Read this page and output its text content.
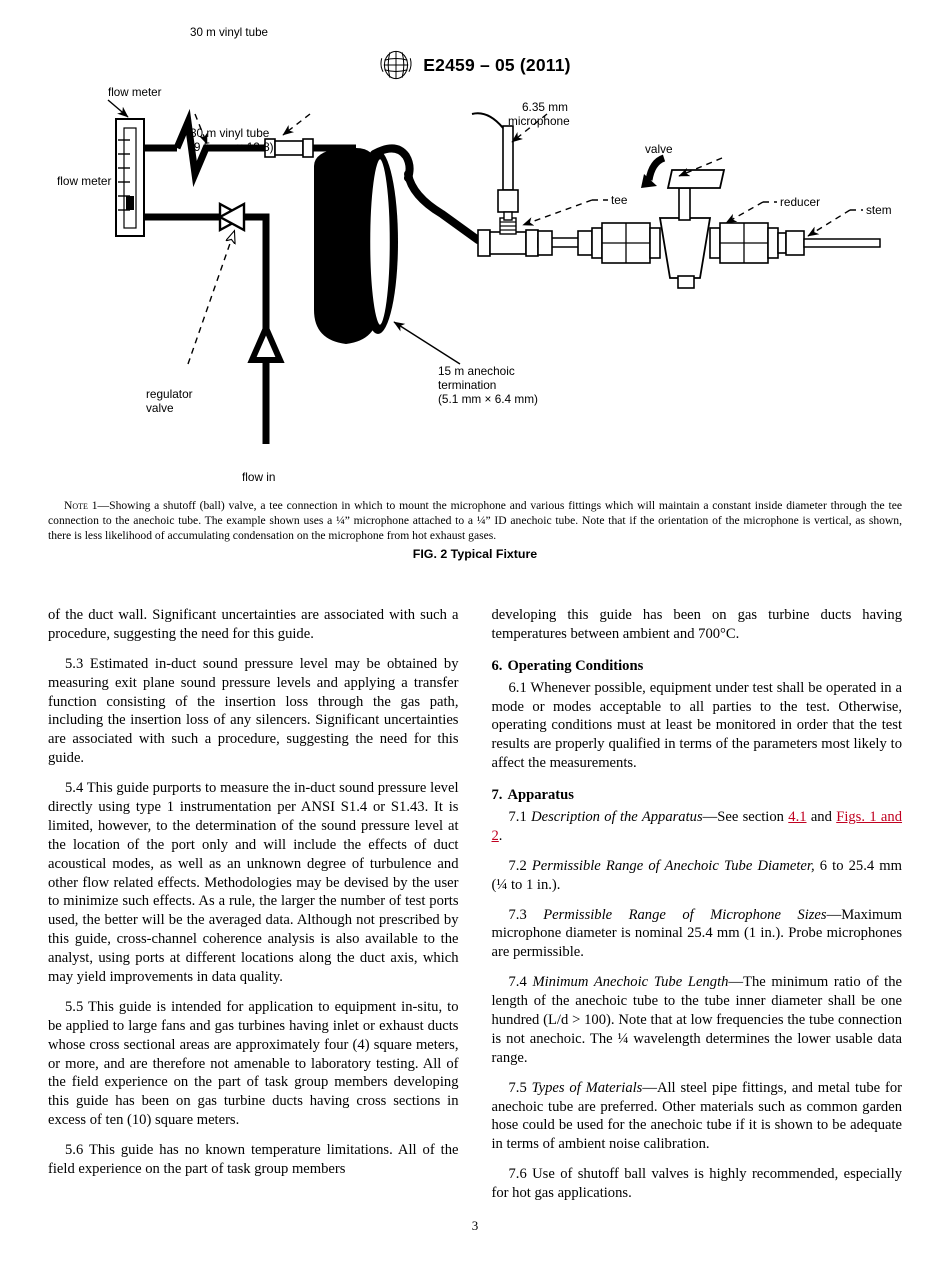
E2459 – 05 (2011)
flow meter
30 m vinyl tube
flow meter
30 m vinyl tube
(9.5 mm × 12.8)
coupling
6.35 mm
microphone
tee
valve
reducer
stem
regulator
valve
flow in
15 m anechoic
termination
(5.1 mm × 6.4 mm)
Note 1—Showing a shutoff (ball) valve, a tee connection in which to mount the microphone and various fittings which will maintain a constant inside diameter through the tee connection to the anechoic tube. The example shown uses a ¼” microphone attached to a ¼” ID anechoic tube. Note that if the orientation of the microphone is vertical, as shown, there is less likelihood of accumulating condensation on the microphone from hot exhaust gases.
FIG. 2 Typical Fixture

of the duct wall. Significant uncertainties are associated with such a procedure, suggesting the need for this guide.

5.3 Estimated in-duct sound pressure level may be obtained by measuring exit plane sound pressure levels and applying a transfer function consisting of the insertion loss through the gas path, including the insertion loss of any silencers. Significant uncertainties are associated with such a procedure, suggesting the need for this guide.

5.4 This guide purports to measure the in-duct sound pressure level directly using type 1 instrumentation per ANSI S1.4 or S1.43. It is limited, however, to the determination of the sound pressure level at the location of the port only and will include the effects of duct acoustical modes, as well as an unknown degree of turbulence and other flow related effects. Methodologies may be devised by the user to minimize such effects. As a rule, the larger the number of test ports used, the better will be the averaged data. Although not prescribed by this guide, cross-channel coherence analysis is also available to the analyst, using ports at different locations along the duct axis, which may yield improvements in data quality.

5.5 This guide is intended for application to equipment in-situ, to be applied to large fans and gas turbines having inlet or exhaust ducts whose cross sectional areas are approximately four (4) square meters, or more, and are therefore not amenable to laboratory testing. All of the field experience on the part of task group members developing this guide has been on gas turbine ducts having cross sections in excess of ten (10) square meters.

5.6 This guide has no known temperature limitations. All of the field experience on the part of task group members

developing this guide has been on gas turbine ducts having temperatures between ambient and 700°C.

6. Operating Conditions

6.1 Whenever possible, equipment under test shall be operated in a mode or modes acceptable to all parties to the test. Otherwise, operating conditions must at least be monitored in order that the test results are properly qualified in terms of the parameters most likely to affect the measurements.

7. Apparatus

7.1 Description of the Apparatus—See section 4.1 and Figs. 1 and 2.

7.2 Permissible Range of Anechoic Tube Diameter, 6 to 25.4 mm (¼ to 1 in.).

7.3 Permissible Range of Microphone Sizes—Maximum microphone diameter is nominal 25.4 mm (1 in.). Probe microphones are permissible.

7.4 Minimum Anechoic Tube Length—The minimum ratio of the length of the anechoic tube to the tube inner diameter shall be one hundred (L/d > 100). Note that at low frequencies the tube connection is not anechoic. The ¼ wavelength determines the lower usable data range.

7.5 Types of Materials—All steel pipe fittings, and metal tube for anechoic tube are preferred. Other materials such as common garden hose could be used for the anechoic tube if it is shown to be adequate in terms of ambient noise calibration.

7.6 Use of shutoff ball valves is highly recommended, especially for hot gas applications.

3
